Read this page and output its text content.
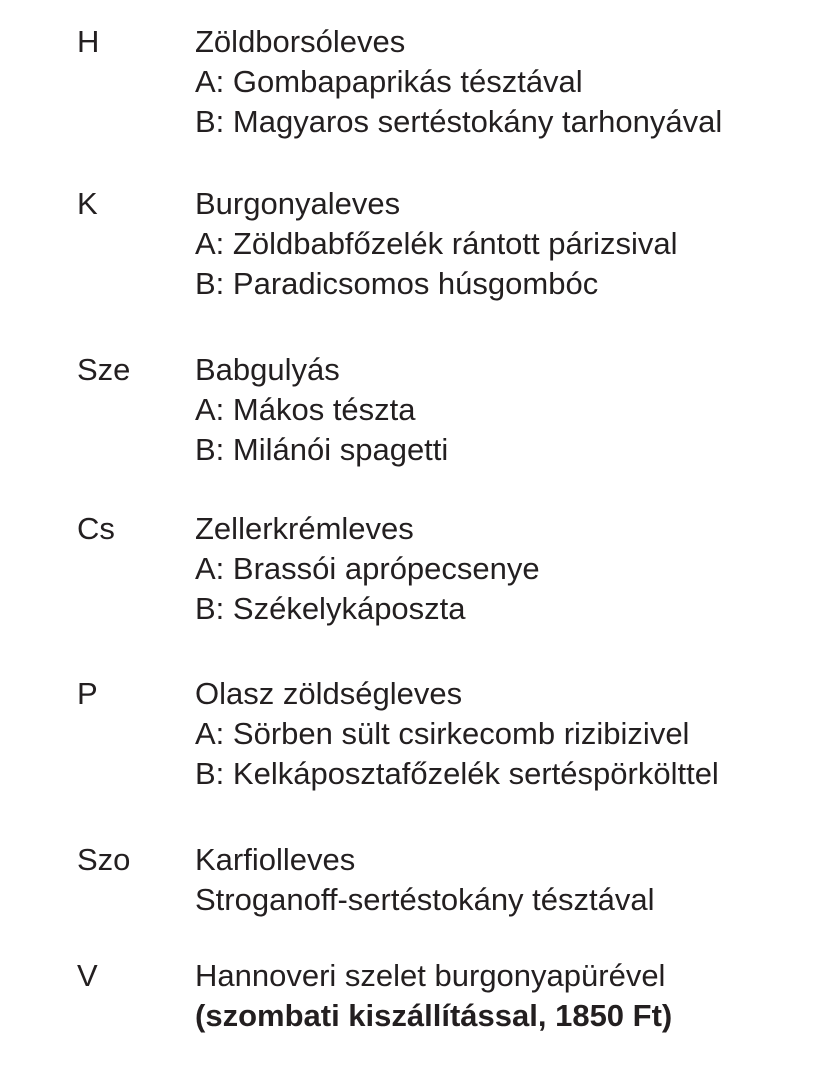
H	Zöldborsóleves
A: Gombapaprikás tésztával
B: Magyaros sertéstokány tarhonyával
K	Burgonyaleves
A: Zöldbabfőzelék rántott párizsival
B: Paradicsomos húsgombóc
Sze Babgulyás
A: Mákos tészta
B: Milánói spagetti
Cs	Zellerkrémleves
A: Brassói aprópecsenye
B: Székelykáposzta
P	Olasz zöldségleves
A: Sörben sült csirkecomb rizibizivel
B: Kelkáposztafőzelék sertéspörkölttel
Szo Karfiolleves
Stroganoff-sertéstokány tésztával
V	Hannoveri szelet burgonyapürével
(szombati kiszállítással, 1850 Ft)
